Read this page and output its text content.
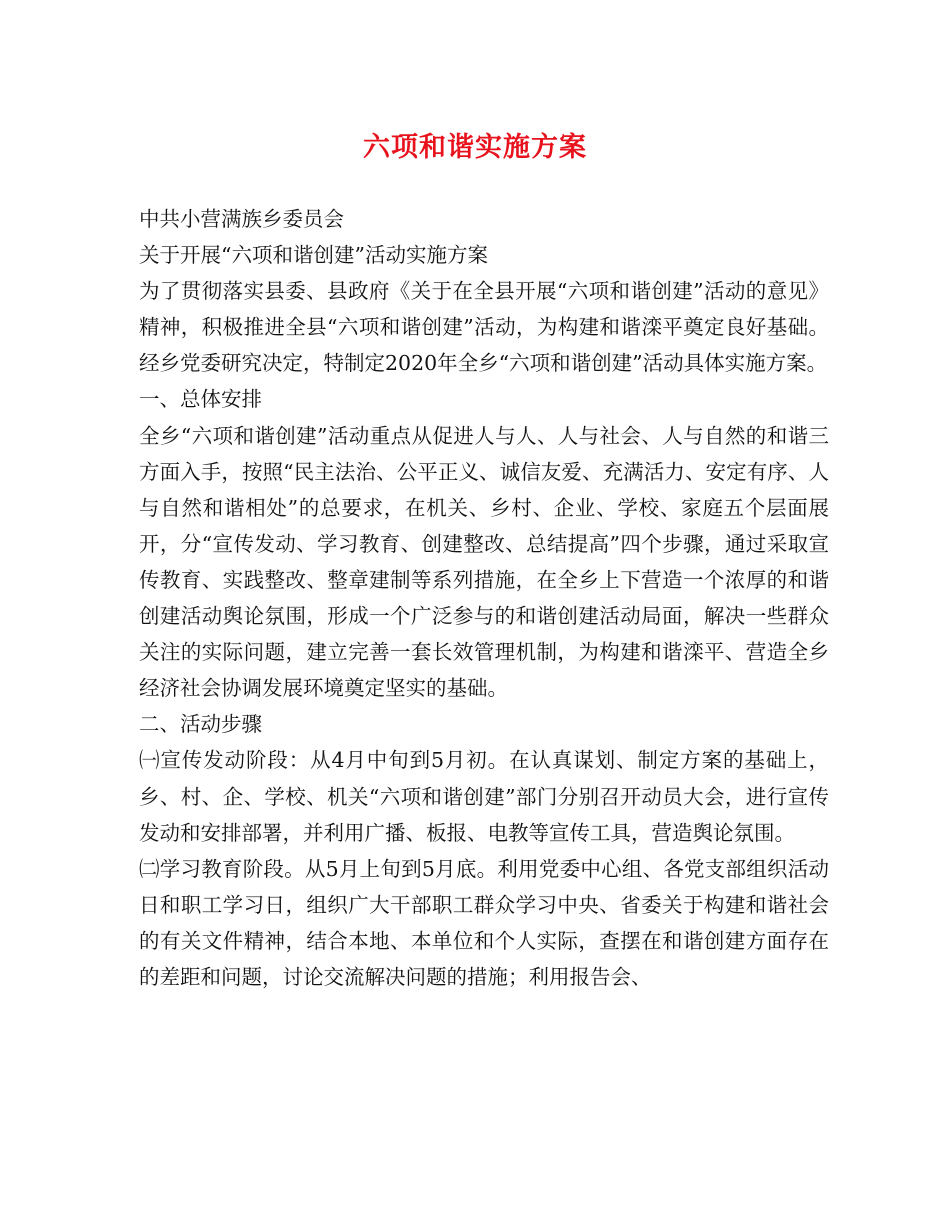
六项和谐实施方案

中共小营满族乡委员会

关于开展“六项和谐创建”活动实施方案

为了贯彻落实县委、县政府《关于在全县开展“六项和谐创建”活动的意见》精神，积极推进全县“六项和谐创建”活动，为构建和谐滦平奠定良好基础。经乡党委研究决定，特制定2020年全乡“六项和谐创建”活动具体实施方案。

一、总体安排

全乡“六项和谐创建”活动重点从促进人与人、人与社会、人与自然的和谐三方面入手，按照“民主法治、公平正义、诚信友爱、充满活力、安定有序、人与自然和谐相处”的总要求，在机关、乡村、企业、学校、家庭五个层面展开，分“宣传发动、学习教育、创建整改、总结提高”四个步骤，通过采取宣传教育、实践整改、整章建制等系列措施，在全乡上下营造一个浓厚的和谐创建活动舆论氛围，形成一个广泛参与的和谐创建活动局面，解决一些群众关注的实际问题，建立完善一套长效管理机制，为构建和谐滦平、营造全乡经济社会协调发展环境奠定坚实的基础。

二、活动步骤

㈠宣传发动阶段：从4月中旬到5月初。在认真谋划、制定方案的基础上，乡、村、企、学校、机关“六项和谐创建”部门分别召开动员大会，进行宣传发动和安排部署，并利用广播、板报、电教等宣传工具，营造舆论氛围。

㈡学习教育阶段。从5月上旬到5月底。利用党委中心组、各党支部组织活动日和职工学习日，组织广大干部职工群众学习中央、省委关于构建和谐社会的有关文件精神，结合本地、本单位和个人实际，查摆在和谐创建方面存在的差距和问题，讨论交流解决问题的措施；利用报告会、
